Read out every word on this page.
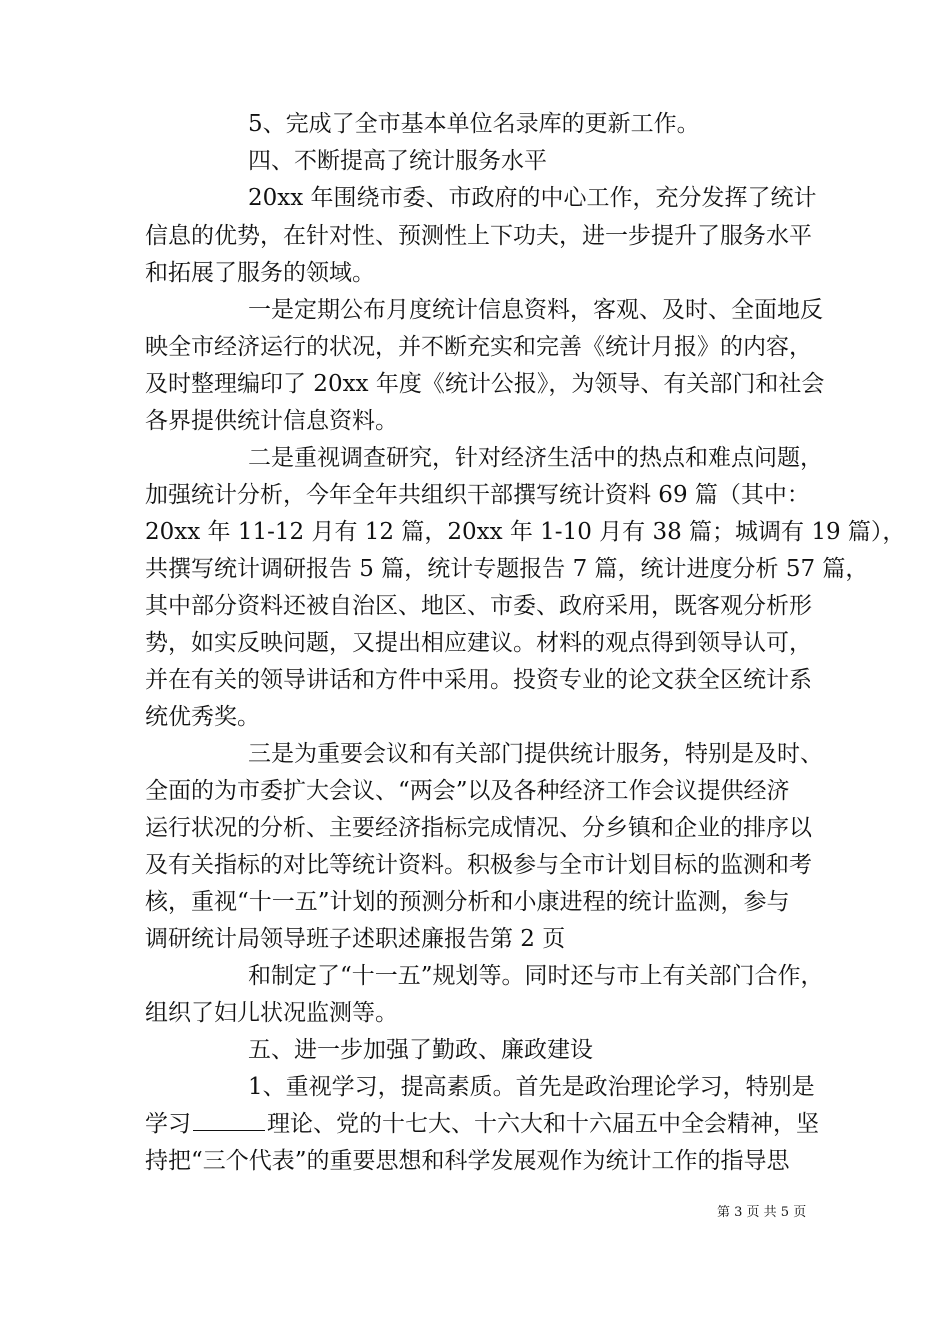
5、完成了全市基本单位名录库的更新工作。
四、不断提高了统计服务水平
20xx 年围绕市委、市政府的中心工作，充分发挥了统计
信息的优势，在针对性、预测性上下功夫，进一步提升了服务水平
和拓展了服务的领域。
一是定期公布月度统计信息资料，客观、及时、全面地反
映全市经济运行的状况，并不断充实和完善《统计月报》的内容，
及时整理编印了 20xx 年度《统计公报》，为领导、有关部门和社会
各界提供统计信息资料。
二是重视调查研究，针对经济生活中的热点和难点问题，
加强统计分析，今年全年共组织干部撰写统计资料 69 篇（其中：
20xx 年 11-12 月有 12 篇，20xx 年 1-10 月有 38 篇；城调有 19 篇），
共撰写统计调研报告 5 篇，统计专题报告 7 篇，统计进度分析 57 篇，
其中部分资料还被自治区、地区、市委、政府采用，既客观分析形
势，如实反映问题，又提出相应建议。材料的观点得到领导认可，
并在有关的领导讲话和方件中采用。投资专业的论文获全区统计系
统优秀奖。
三是为重要会议和有关部门提供统计服务，特别是及时、
全面的为市委扩大会议、“两会”以及各种经济工作会议提供经济
运行状况的分析、主要经济指标完成情况、分乡镇和企业的排序以
及有关指标的对比等统计资料。积极参与全市计划目标的监测和考
核，重视“十一五”计划的预测分析和小康进程的统计监测，参与
调研统计局领导班子述职述廉报告第 2 页
和制定了“十一五”规划等。同时还与市上有关部门合作，
组织了妇儿状况监测等。
五、进一步加强了勤政、廉政建设
1、重视学习，提高素质。首先是政治理论学习，特别是
学习	理论、党的十七大、十六大和十六届五中全会精神，坚
持把“三个代表”的重要思想和科学发展观作为统计工作的指导思
第 3 页 共 5 页
